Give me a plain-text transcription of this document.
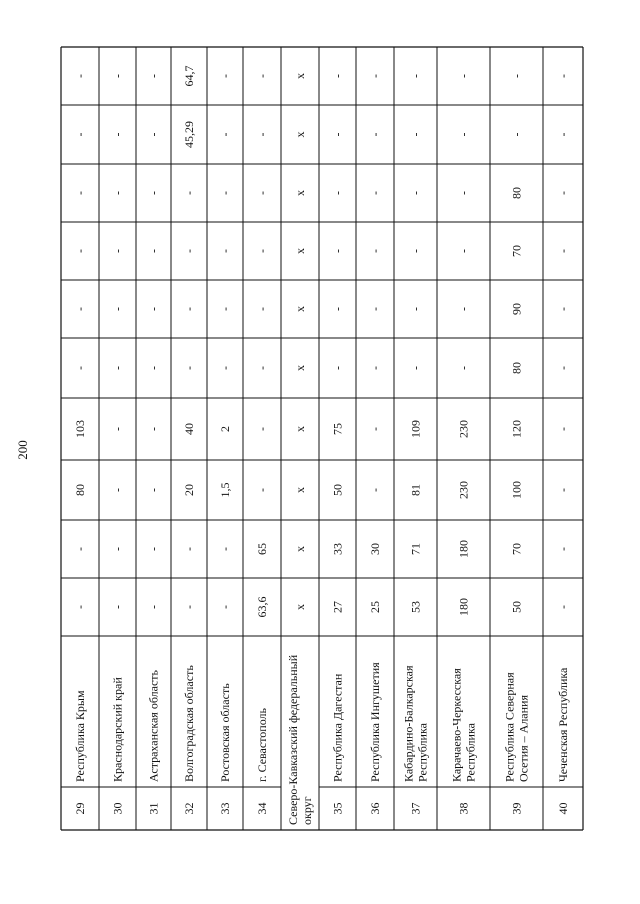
200
29
Республика Крым
-
-
80
103
-
-
-
-
-
-
30
Краснодарский край
-
-
-
-
-
-
-
-
-
-
31
Астраханская область
-
-
-
-
-
-
-
-
-
-
32
Волгоградская область
-
-
20
40
-
-
-
-
45,29
64,7
33
Ростовская область
-
-
1,5
2
-
-
-
-
-
-
34
г. Севастополь
63,6
65
-
-
-
-
-
-
-
-
Северо-Кавказский федеральный округ
x
x
x
x
x
x
x
x
x
x
35
Республика Дагестан
27
33
50
75
-
-
-
-
-
-
36
Республика Ингушетия
25
30
-
-
-
-
-
-
-
-
37
Кабардино-Балкарская Республика
53
71
81
109
-
-
-
-
-
-
38
Карачаево-Черкесская Республика
180
180
230
230
-
-
-
-
-
-
39
Республика Северная Осетия – Алания
50
70
100
120
80
90
70
80
-
-
40
Чеченская Республика
-
-
-
-
-
-
-
-
-
-
